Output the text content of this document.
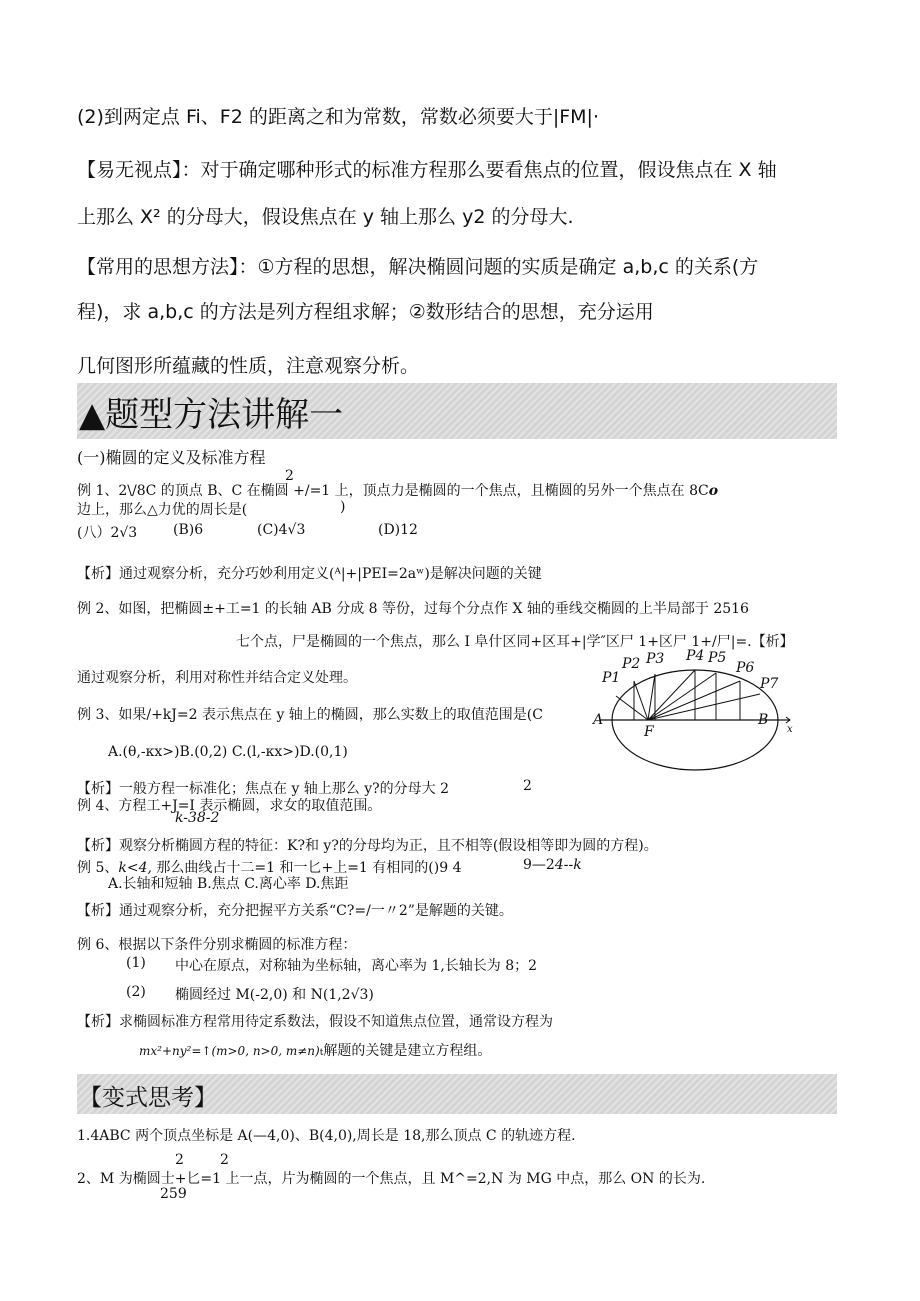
(2)到两定点 Fi、F2 的距离之和为常数，常数必须要大于|FM|·
【易无视点】：对于确定哪种形式的标准方程那么要看焦点的位置，假设焦点在 X 轴
上那么 X² 的分母大，假设焦点在 y 轴上那么 y2 的分母大.
【常用的思想方法】：①方程的思想，解决椭圆问题的实质是确定 a,b,c 的关系(方
程)，求 a,b,c 的方法是列方程组求解；②数形结合的思想，充分运用
几何图形所蕴藏的性质，注意观察分析。
▲题型方法讲解一
(一)椭圆的定义及标准方程
例 1、2\/8C 的顶点 B、C 在椭圆 +/=1 上，顶点力是椭圆的一个焦点，且椭圆的另外一个焦点在 8Co
2
边上，那么△力优的周长是(	)
(八）2√3	(B)6	(C)4√3	(D)12
【析】通过观察分析，充分巧妙利用定义(ᴬ|+|PEI=2aʷ)是解决问题的关键
例 2、如图，把椭圆±+工=1 的长轴 AB 分成 8 等份，过每个分点作 X 轴的垂线交椭圆的上半局部于 2516
七个点，尸是椭圆的一个焦点，那么 I 阜什区同+区耳+|学″区尸 1+区尸 1+/尸|=.【析】
通过观察分析，利用对称性并结合定义处理。	P1
P2 P3 P4 P5
P6
P7
A
F
B
x
例 3、如果/+kJ=2 表示焦点在 y 轴上的椭圆，那么实数上的取值范围是(C
A.(θ,-κx>)B.(0,2) C.(l,-κx>)D.(0,1)
【析】一般方程一标准化；焦点在 y 轴上那么 y?的分母大 2	2
例 4、方程工+J=I 表示椭圆，求女的取值范围。
k-38-2
【析】观察分析椭圆方程的特征：K?和 y?的分母均为正，且不相等(假设相等即为圆的方程)。
例 5、k<4, 那么曲线占十二=1 和一匕+上=1 有相同的()9 4	9—24--k
A.长轴和短轴 B.焦点 C.离心率 D.焦距
【析】通过观察分析，充分把握平方关系“C?=/一〃2”是解题的关键。
例 6、根据以下条件分别求椭圆的标准方程：
(1) 中心在原点，对称轴为坐标轴，离心率为 1,长轴长为 8；2
(2) 椭圆经过 M(-2,0) 和 N(1,2√3)
【析】求椭圆标准方程常用待定系数法，假设不知道焦点位置，通常设方程为
mx²+ny²=↑(m>0, n>0, m≠n)t解题的关键是建立方程组。
【变式思考】
1.4ABC 两个顶点坐标是 A(—4,0)、B(4,0),周长是 18,那么顶点 C 的轨迹方程.
2	2
2、M 为椭圆士+匕=1 上一点，片为椭圆的一个焦点，且 M^=2,N 为 MG 中点，那么 ON 的长为.
259
